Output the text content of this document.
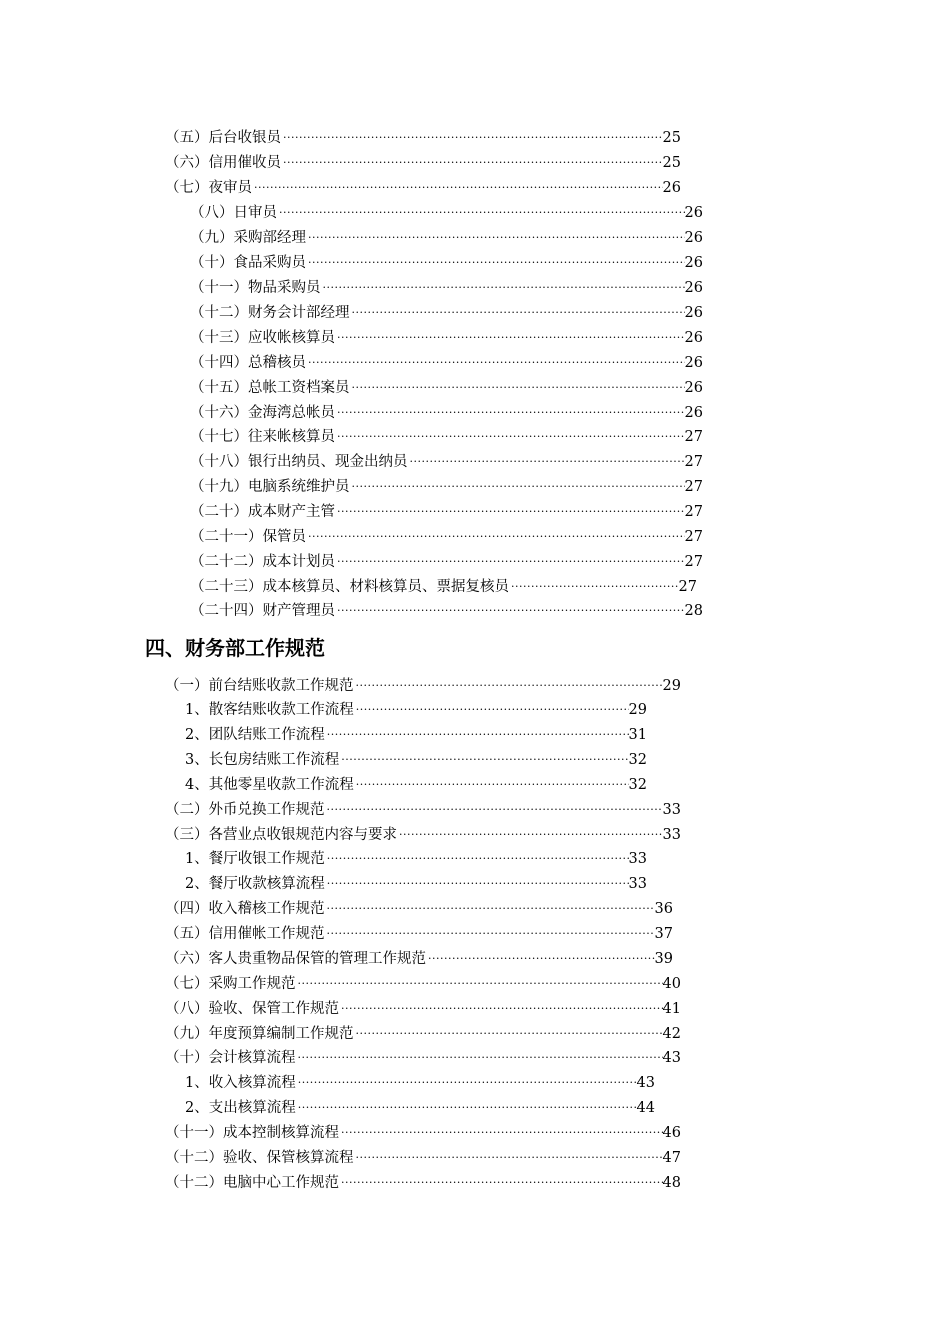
（五）后台收银员 ·····	25
（六）信用催收员 ·····	25
（七）夜审员 ·····	26
（八）日审员 ·····	26
（九）采购部经理 ·····	26
（十）食品采购员 ·····	26
（十一）物品采购员 ·····	26
（十二）财务会计部经理 ·····	26
（十三）应收帐核算员 ·····	26
（十四）总稽核员 ·····	26
（十五）总帐工资档案员 ·····	26
（十六）金海湾总帐员 ·····	26
（十七）往来帐核算员 ·····	27
（十八）银行出纳员、现金出纳员 ·····	27
（十九）电脑系统维护员 ·····	27
（二十）成本财产主管 ·····	27
（二十一）保管员 ·····	27
（二十二）成本计划员 ·····	27
（二十三）成本核算员、材料核算员、票据复核员 ·····	27
（二十四）财产管理员 ·····	28
四、财务部工作规范
（一）前台结账收款工作规范 ·····	29
1、散客结账收款工作流程 ·····	29
2、团队结账工作流程 ·····	31
3、长包房结账工作流程 ·····	32
4、其他零星收款工作流程 ·····	32
（二）外币兑换工作规范 ·····	33
（三）各营业点收银规范内容与要求 ·····	33
1、餐厅收银工作规范 ·····	33
2、餐厅收款核算流程 ·····	33
（四）收入稽核工作规范 ·····	36
（五）信用催帐工作规范 ·····	37
（六）客人贵重物品保管的管理工作规范 ·····	39
（七）采购工作规范 ·····	40
（八）验收、保管工作规范 ·····	41
（九）年度预算编制工作规范 ·····	42
（十）会计核算流程 ·····	43
1、收入核算流程 ·····	43
2、支出核算流程 ·····	44
（十一）成本控制核算流程 ·····	46
（十二）验收、保管核算流程 ·····	47
（十二）电脑中心工作规范 ·····	48
